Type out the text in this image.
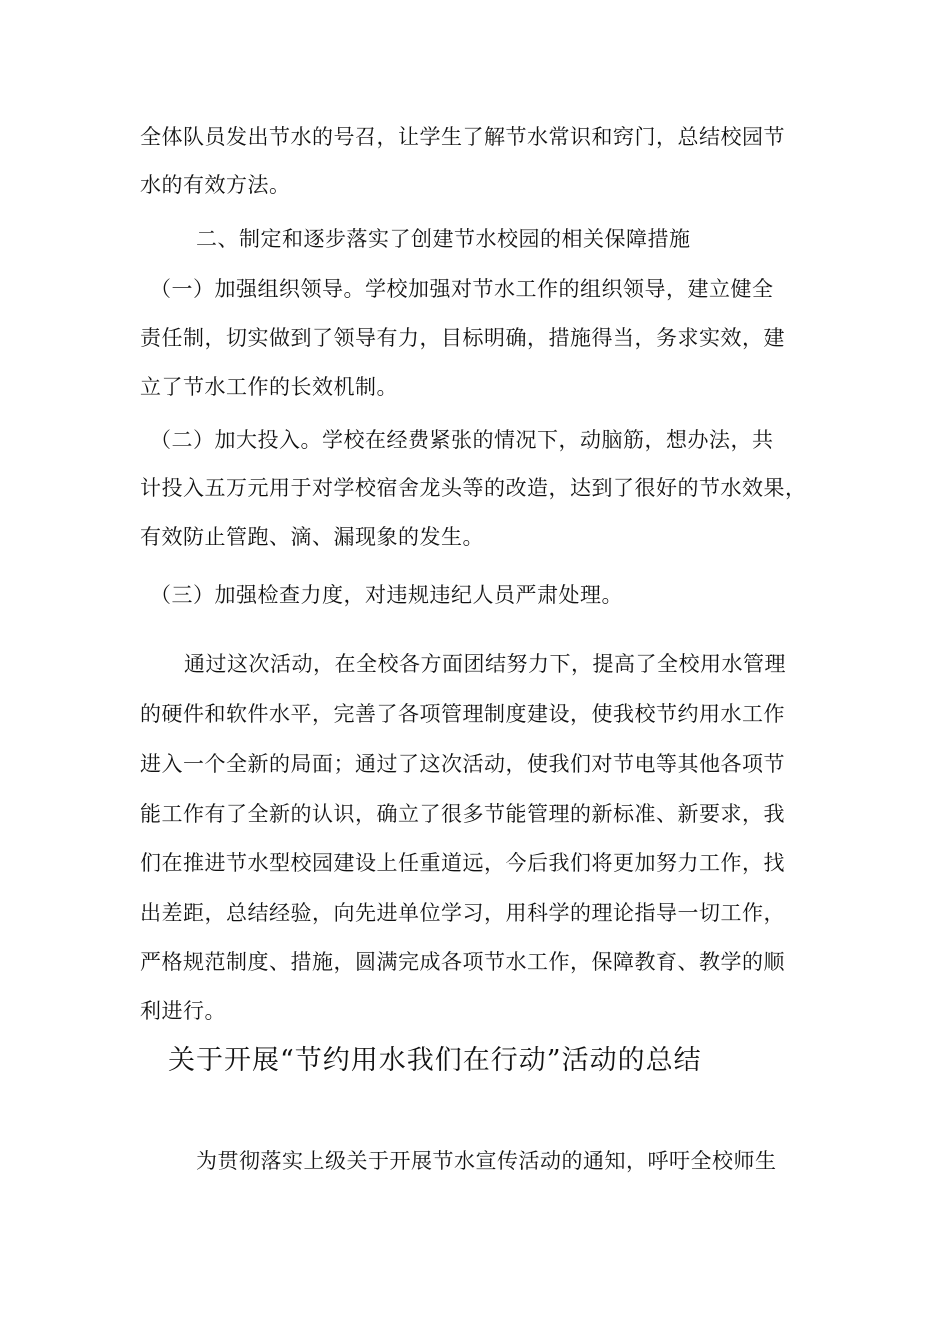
全体队员发出节水的号召，让学生了解节水常识和窍门，总结校园节
水的有效方法。
二、制定和逐步落实了创建节水校园的相关保障措施
（一）加强组织领导。学校加强对节水工作的组织领导，建立健全
责任制，切实做到了领导有力，目标明确，措施得当，务求实效，建
立了节水工作的长效机制。
（二）加大投入。学校在经费紧张的情况下，动脑筋，想办法，共
计投入五万元用于对学校宿舍龙头等的改造，达到了很好的节水效果，
有效防止管跑、滴、漏现象的发生。
（三）加强检查力度，对违规违纪人员严肃处理。
通过这次活动，在全校各方面团结努力下，提高了全校用水管理
的硬件和软件水平，完善了各项管理制度建设，使我校节约用水工作
进入一个全新的局面；通过了这次活动，使我们对节电等其他各项节
能工作有了全新的认识，确立了很多节能管理的新标准、新要求，我
们在推进节水型校园建设上任重道远，今后我们将更加努力工作，找
出差距，总结经验，向先进单位学习，用科学的理论指导一切工作，
严格规范制度、措施，圆满完成各项节水工作，保障教育、教学的顺
利进行。
关于开展“节约用水我们在行动”活动的总结
为贯彻落实上级关于开展节水宣传活动的通知，呼吁全校师生
